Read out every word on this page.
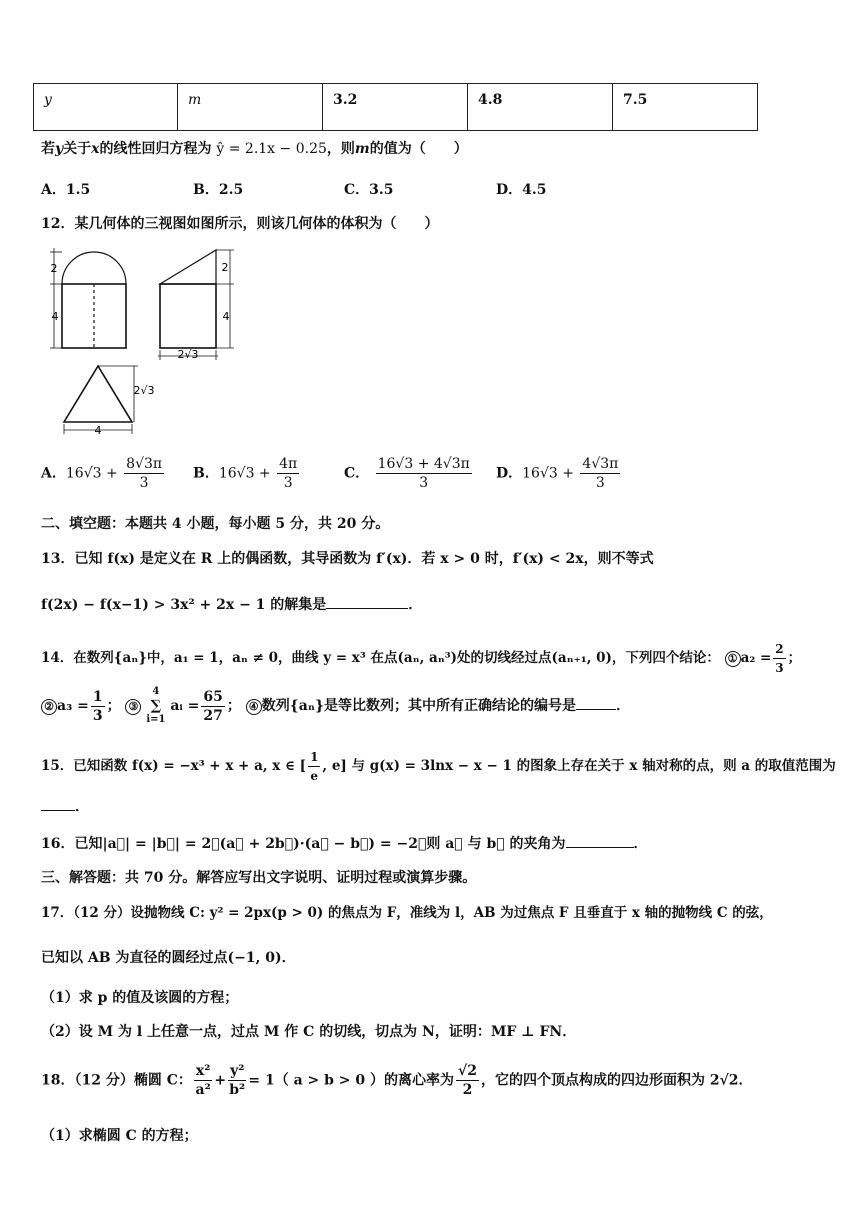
y	m	3.2	4.8	7.5
若y关于x的线性回归方程为 ŷ = 2.1x − 0.25，则m的值为（　　）
A．1.5	B．2.5	C．3.5	D．4.5
12．某几何体的三视图如图所示，则该几何体的体积为（　　）
2
4
2
4
2√3
2√3
4
A．$16√3 + \frac{8√3\pi}{3}$ B．$16√3 + \frac{4\pi}{3}$	C． $\frac{16√3 + 4√3\pi}{3}$ D．$16√3 + \frac{4√3\pi}{3}$
二、填空题：本题共 4 小题，每小题 5 分，共 20 分。
13．已知 f(x) 是定义在 R 上的偶函数，其导函数为 f′(x)．若 x > 0 时，f′(x) < 2x，则不等式
f(2x) − f(x−1) > 3x² + 2x − 1 的解集是	．
14．在数列{aₙ}中，a₁ = 1，aₙ ≠ 0，曲线 y = x³ 在点(aₙ, aₙ³)处的切线经过点(aₙ₊₁, 0)，下列四个结论： ① $a_2 = \frac{2}{3}$ ；
② $a_3 = \frac{1}{3}$ ； ③
4
∑
i=1
aᵢ = $\frac{65}{27}$ ； ④ 数列{aₙ}是等比数列；其中所有正确结论的编号是	．
15．已知函数 f(x) = −x³ + x + a, x ∈ [ $\frac{1}{e}$ , e] 与 g(x) = 3lnx − x − 1 的图象上存在关于 x 轴对称的点，则 a 的取值范围为
．
16．已知|a⃗| = |b⃗| = 2，(a⃗ + 2b⃗)·(a⃗ − b⃗) = −2，则 a⃗ 与 b⃗ 的夹角为	．
三、解答题：共 70 分。解答应写出文字说明、证明过程或演算步骤。
17．（12 分）设抛物线 C: y² = 2px(p > 0) 的焦点为 F，准线为 l，AB 为过焦点 F 且垂直于 x 轴的抛物线 C 的弦，
已知以 AB 为直径的圆经过点(−1, 0)．
（1）求 p 的值及该圆的方程；
（2）设 M 为 l 上任意一点，过点 M 作 C 的切线，切点为 N，证明：MF ⊥ FN．
18．（12 分）椭圆 C： $\frac{\text{x²}}{\text{a²}} + \frac{\text{y²}}{\text{b²}} = 1$（ a > b > 0 ）的离心率为 $\frac{√2}{2}$ ，它的四个顶点构成的四边形面积为 2√2．
（1）求椭圆 C 的方程；
